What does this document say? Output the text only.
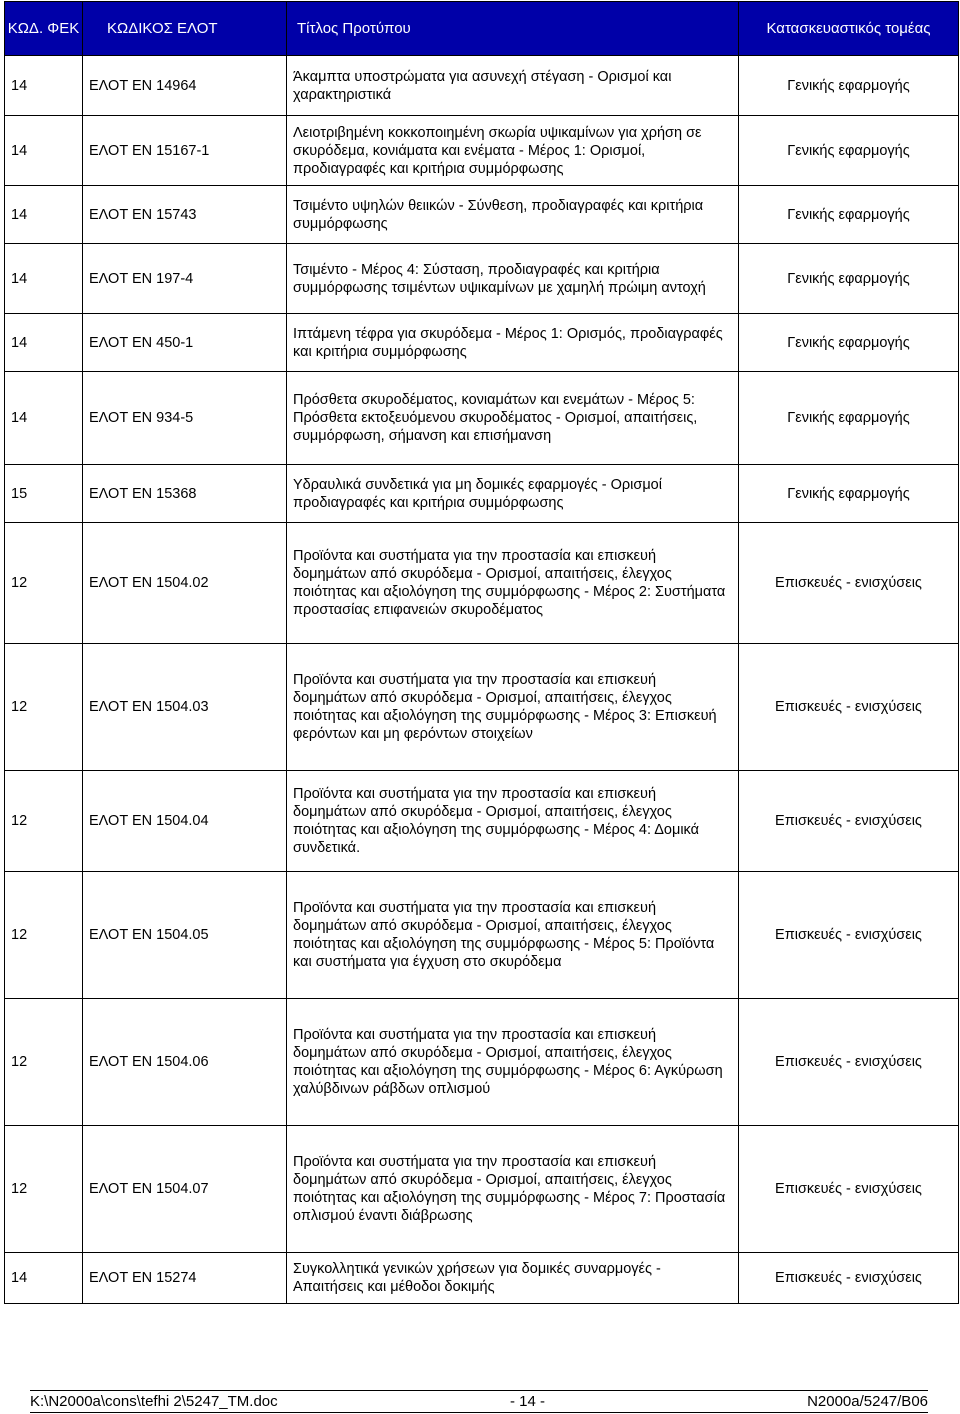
ΚΩΔ. ΦΕΚ	ΚΩΔΙΚΟΣ ΕΛΟΤ	Τίτλος Προτύπου	Κατασκευαστικός τομέας
14	ΕΛΟΤ ΕΝ 14964	Άκαμπτα υποστρώματα για ασυνεχή στέγαση - Ορισμοί και χαρακτηριστικά	Γενικής εφαρμογής
14	ΕΛΟΤ ΕΝ 15167-1	Λειοτριβημένη κοκκοποιημένη σκωρία υψικαμίνων για χρήση σε σκυρόδεμα, κονιάματα και ενέματα - Μέρος 1: Ορισμοί, προδιαγραφές και κριτήρια συμμόρφωσης	Γενικής εφαρμογής
14	ΕΛΟΤ ΕΝ 15743	Τσιμέντο υψηλών θειικών - Σύνθεση, προδιαγραφές και κριτήρια συμμόρφωσης	Γενικής εφαρμογής
14	ΕΛΟΤ ΕΝ 197-4	Τσιμέντο - Μέρος 4: Σύσταση, προδιαγραφές και κριτήρια συμμόρφωσης τσιμέντων υψικαμίνων με χαμηλή πρώιμη αντοχή	Γενικής εφαρμογής
14	ΕΛΟΤ ΕΝ 450-1	Ιπτάμενη τέφρα για σκυρόδεμα - Μέρος 1: Ορισμός, προδιαγραφές και κριτήρια συμμόρφωσης	Γενικής εφαρμογής
14	ΕΛΟΤ ΕΝ 934-5	Πρόσθετα σκυροδέματος, κονιαμάτων και ενεμάτων - Μέρος 5: Πρόσθετα εκτοξευόμενου σκυροδέματος - Ορισμοί, απαιτήσεις, συμμόρφωση, σήμανση και επισήμανση	Γενικής εφαρμογής
15	ΕΛΟΤ ΕΝ 15368	Υδραυλικά συνδετικά για μη δομικές εφαρμογές - Ορισμοί προδιαγραφές και κριτήρια συμμόρφωσης	Γενικής εφαρμογής
12	ΕΛΟΤ ΕΝ 1504.02	Προϊόντα και συστήματα για την προστασία και επισκευή δομημάτων από σκυρόδεμα - Ορισμοί, απαιτήσεις, έλεγχος ποιότητας και αξιολόγηση της συμμόρφωσης - Μέρος 2: Συστήματα προστασίας επιφανειών σκυροδέματος	Επισκευές - ενισχύσεις
12	ΕΛΟΤ ΕΝ 1504.03	Προϊόντα και συστήματα για την προστασία και επισκευή δομημάτων από σκυρόδεμα - Ορισμοί, απαιτήσεις, έλεγχος ποιότητας και αξιολόγηση της συμμόρφωσης - Μέρος 3: Επισκευή φερόντων και μη φερόντων στοιχείων	Επισκευές - ενισχύσεις
12	ΕΛΟΤ ΕΝ 1504.04	Προϊόντα και συστήματα για την προστασία και επισκευή δομημάτων από σκυρόδεμα - Ορισμοί, απαιτήσεις, έλεγχος ποιότητας και αξιολόγηση της συμμόρφωσης - Μέρος 4: Δομικά συνδετικά.	Επισκευές - ενισχύσεις
12	ΕΛΟΤ ΕΝ 1504.05	Προϊόντα και συστήματα για την προστασία και επισκευή δομημάτων από σκυρόδεμα - Ορισμοί, απαιτήσεις, έλεγχος ποιότητας και αξιολόγηση της συμμόρφωσης - Μέρος 5: Προϊόντα και συστήματα για έγχυση στο σκυρόδεμα	Επισκευές - ενισχύσεις
12	ΕΛΟΤ ΕΝ 1504.06	Προϊόντα και συστήματα για την προστασία και επισκευή δομημάτων από σκυρόδεμα - Ορισμοί, απαιτήσεις, έλεγχος ποιότητας και αξιολόγηση της συμμόρφωσης - Μέρος 6: Αγκύρωση χαλύβδινων ράβδων οπλισμού	Επισκευές - ενισχύσεις
12	ΕΛΟΤ ΕΝ 1504.07	Προϊόντα και συστήματα για την προστασία και επισκευή δομημάτων από σκυρόδεμα - Ορισμοί, απαιτήσεις, έλεγχος ποιότητας και αξιολόγηση της συμμόρφωσης - Μέρος 7: Προστασία οπλισμού έναντι διάβρωσης	Επισκευές - ενισχύσεις
14	ΕΛΟΤ ΕΝ 15274	Συγκολλητικά γενικών χρήσεων για δομικές συναρμογές - Απαιτήσεις και μέθοδοι δοκιμής	Επισκευές - ενισχύσεις
K:\N2000a\cons\tefhi 2\5247_TM.doc	- 14 -	N2000a/5247/B06
